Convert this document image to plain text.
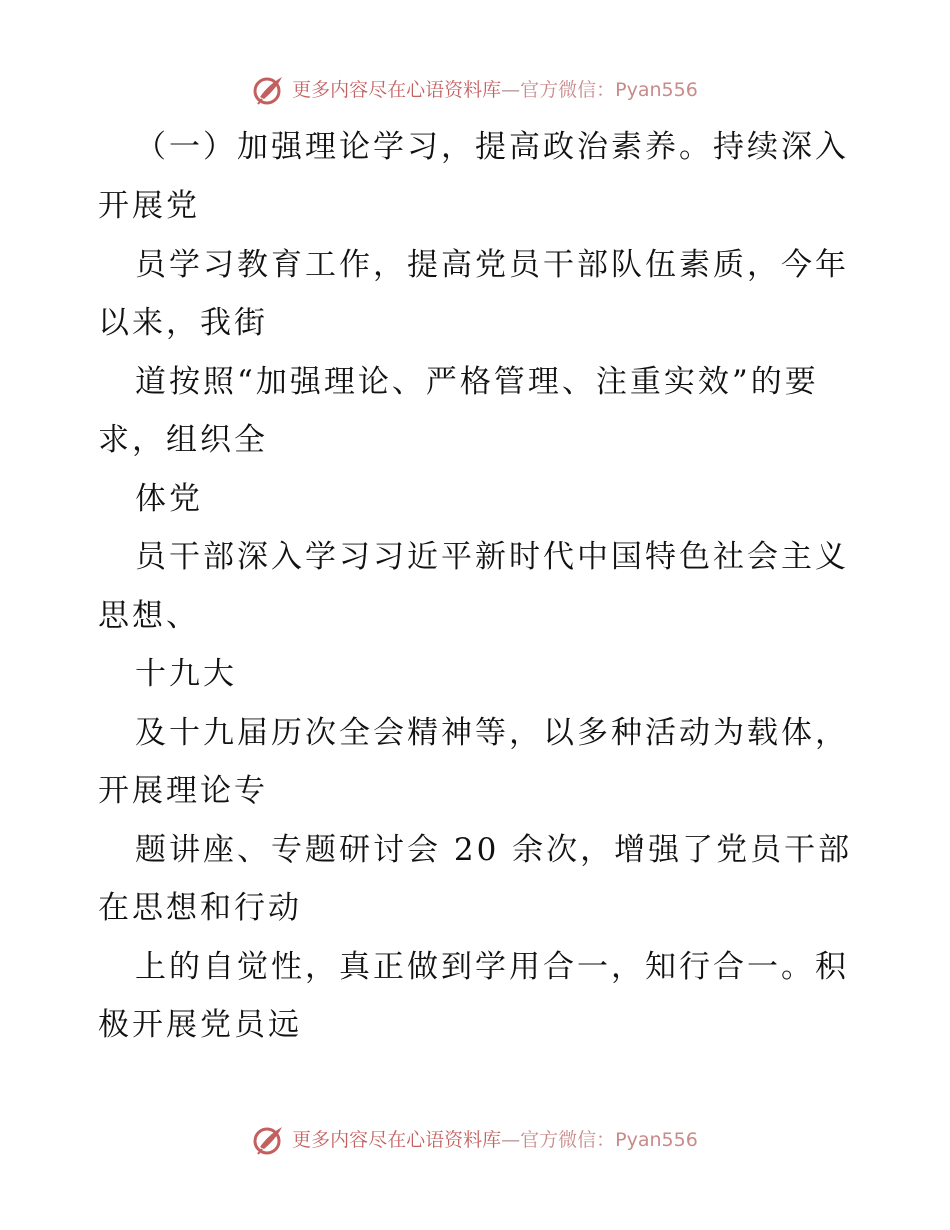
更多内容尽在心语资料库—官方微信：Pyan556
（一）加强理论学习，提高政治素养。持续深入
开展党
员学习教育工作，提高党员干部队伍素质，今年
以来，我街
道按照“加强理论、严格管理、注重实效”的要
求，组织全
体党
员干部深入学习习近平新时代中国特色社会主义
思想、
十九大
及十九届历次全会精神等，以多种活动为载体，
开展理论专
题讲座、专题研讨会 20 余次，增强了党员干部
在思想和行动
上的自觉性，真正做到学用合一，知行合一。积
极开展党员远
更多内容尽在心语资料库—官方微信：Pyan556
